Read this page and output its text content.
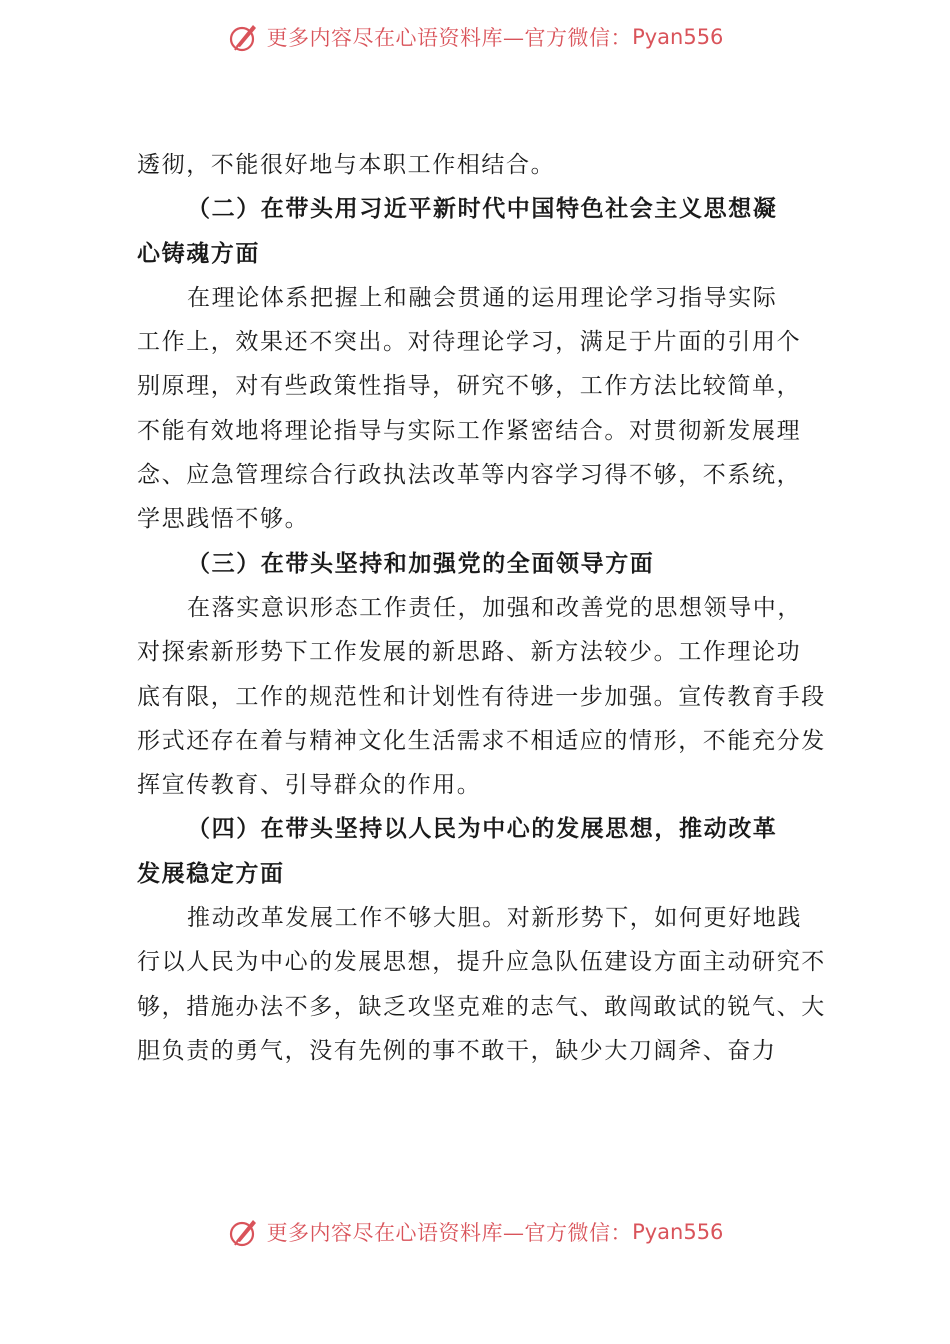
更多内容尽在心语资料库—官方微信： Pyan556
透彻，不能很好地与本职工作相结合。
（二）在带头用习近平新时代中国特色社会主义思想凝
心铸魂方面
在理论体系把握上和融会贯通的运用理论学习指导实际
工作上，效果还不突出。对待理论学习，满足于片面的引用个
别原理，对有些政策性指导，研究不够，工作方法比较简单，
不能有效地将理论指导与实际工作紧密结合。对贯彻新发展理
念、应急管理综合行政执法改革等内容学习得不够，不系统，
学思践悟不够。
（三）在带头坚持和加强党的全面领导方面
在落实意识形态工作责任，加强和改善党的思想领导中，
对探索新形势下工作发展的新思路、新方法较少。工作理论功
底有限，工作的规范性和计划性有待进一步加强。宣传教育手段
形式还存在着与精神文化生活需求不相适应的情形，不能充分发
挥宣传教育、引导群众的作用。
（四）在带头坚持以人民为中心的发展思想，推动改革
发展稳定方面
推动改革发展工作不够大胆。对新形势下，如何更好地践
行以人民为中心的发展思想，提升应急队伍建设方面主动研究不
够，措施办法不多，缺乏攻坚克难的志气、敢闯敢试的锐气、大
胆负责的勇气，没有先例的事不敢干，缺少大刀阔斧、奋力
更多内容尽在心语资料库—官方微信： Pyan556
